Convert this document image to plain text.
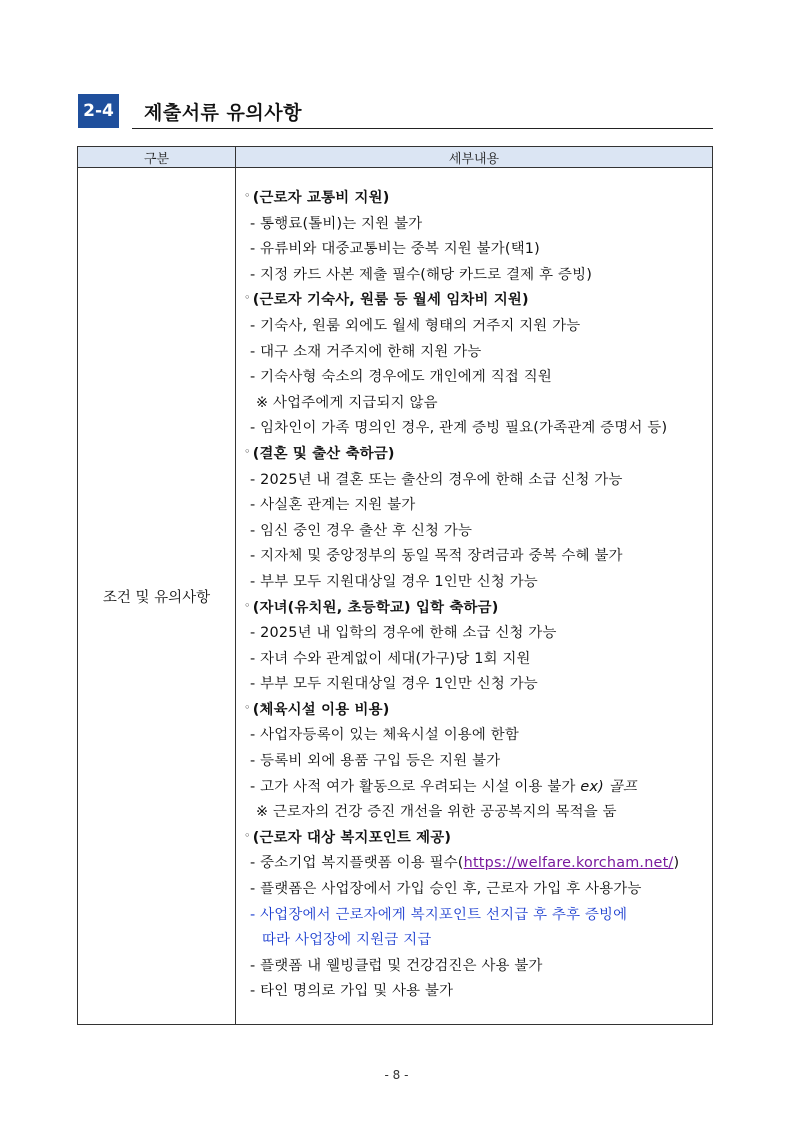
2-4 제출서류 유의사항
구분	세부내용
조건 및 유의사항
◦ (근로자 교통비 지원)
- 통행료(톨비)는 지원 불가
- 유류비와 대중교통비는 중복 지원 불가(택1)
- 지정 카드 사본 제출 필수(해당 카드로 결제 후 증빙)
◦ (근로자 기숙사, 원룸 등 월세 임차비 지원)
- 기숙사, 원룸 외에도 월세 형태의 거주지 지원 가능
- 대구 소재 거주지에 한해 지원 가능
- 기숙사형 숙소의 경우에도 개인에게 직접 직원
※ 사업주에게 지급되지 않음
- 임차인이 가족 명의인 경우, 관계 증빙 필요(가족관계 증명서 등)
◦ (결혼 및 출산 축하금)
- 2025년 내 결혼 또는 출산의 경우에 한해 소급 신청 가능
- 사실혼 관계는 지원 불가
- 임신 중인 경우 출산 후 신청 가능
- 지자체 및 중앙정부의 동일 목적 장려금과 중복 수혜 불가
- 부부 모두 지원대상일 경우 1인만 신청 가능
◦ (자녀(유치원, 초등학교) 입학 축하금)
- 2025년 내 입학의 경우에 한해 소급 신청 가능
- 자녀 수와 관계없이 세대(가구)당 1회 지원
- 부부 모두 지원대상일 경우 1인만 신청 가능
◦ (체육시설 이용 비용)
- 사업자등록이 있는 체육시설 이용에 한함
- 등록비 외에 용품 구입 등은 지원 불가
- 고가 사적 여가 활동으로 우려되는 시설 이용 불가 ex) 골프
※ 근로자의 건강 증진 개선을 위한 공공복지의 목적을 둠
◦ (근로자 대상 복지포인트 제공)
- 중소기업 복지플랫폼 이용 필수(https://welfare.korcham.net/)
- 플랫폼은 사업장에서 가입 승인 후, 근로자 가입 후 사용가능
- 사업장에서 근로자에게 복지포인트 선지급 후 추후 증빙에
따라 사업장에 지원금 지급
- 플랫폼 내 웰빙클럽 및 건강검진은 사용 불가
- 타인 명의로 가입 및 사용 불가
- 8 -
